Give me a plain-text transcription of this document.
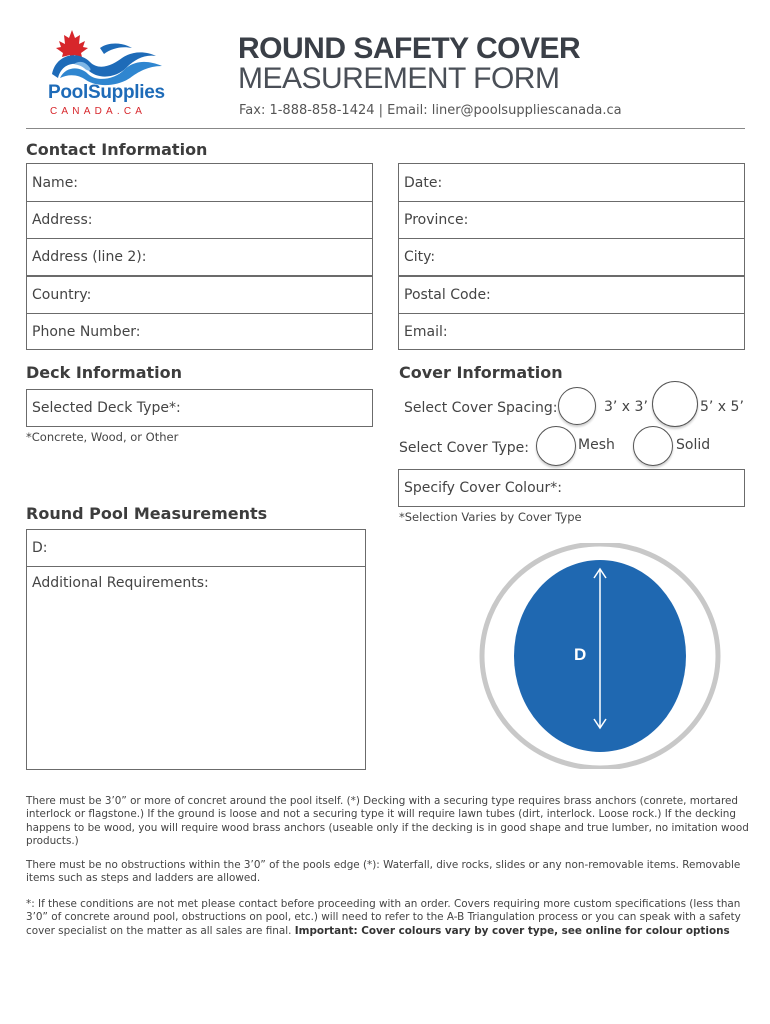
PoolSupplies
CANADA.CA
ROUND SAFETY COVER
MEASUREMENT FORM
Fax: 1-888-858-1424 | Email: liner@poolsuppliescanada.ca
Contact Information
Name:	Date:
Address:	Province:
Address (line 2):	City:
Country:	Postal Code:
Phone Number:	Email:
Deck Information
Selected Deck Type*:
*Concrete, Wood, or Other
Cover Information
Select Cover Spacing:	3’ x 3’	5’ x 5’
Select Cover Type:	Mesh	Solid
Specify Cover Colour*:
*Selection Varies by Cover Type
Round Pool Measurements
D:
Additional Requirements:
D
There must be 3’0” or more of concret around the pool itself. (*) Decking with a securing type requires brass anchors (conrete, mortared interlock or flagstone.) If the ground is loose and not a securing type it will require lawn tubes (dirt, interlock. Loose rock.) If the decking happens to be wood, you will require wood brass anchors (useable only if the decking is in good shape and true lumber, no imitation wood products.)
There must be no obstructions within the 3’0” of the pools edge (*): Waterfall, dive rocks, slides or any non-removable items. Removable items such as steps and ladders are allowed.
*: If these conditions are not met please contact before proceeding with an order. Covers requiring more custom specifications (less than 3’0” of concrete around pool, obstructions on pool, etc.) will need to refer to the A-B Triangulation process or you can speak with a safety cover specialist on the matter as all sales are final. Important: Cover colours vary by cover type, see online for colour options
